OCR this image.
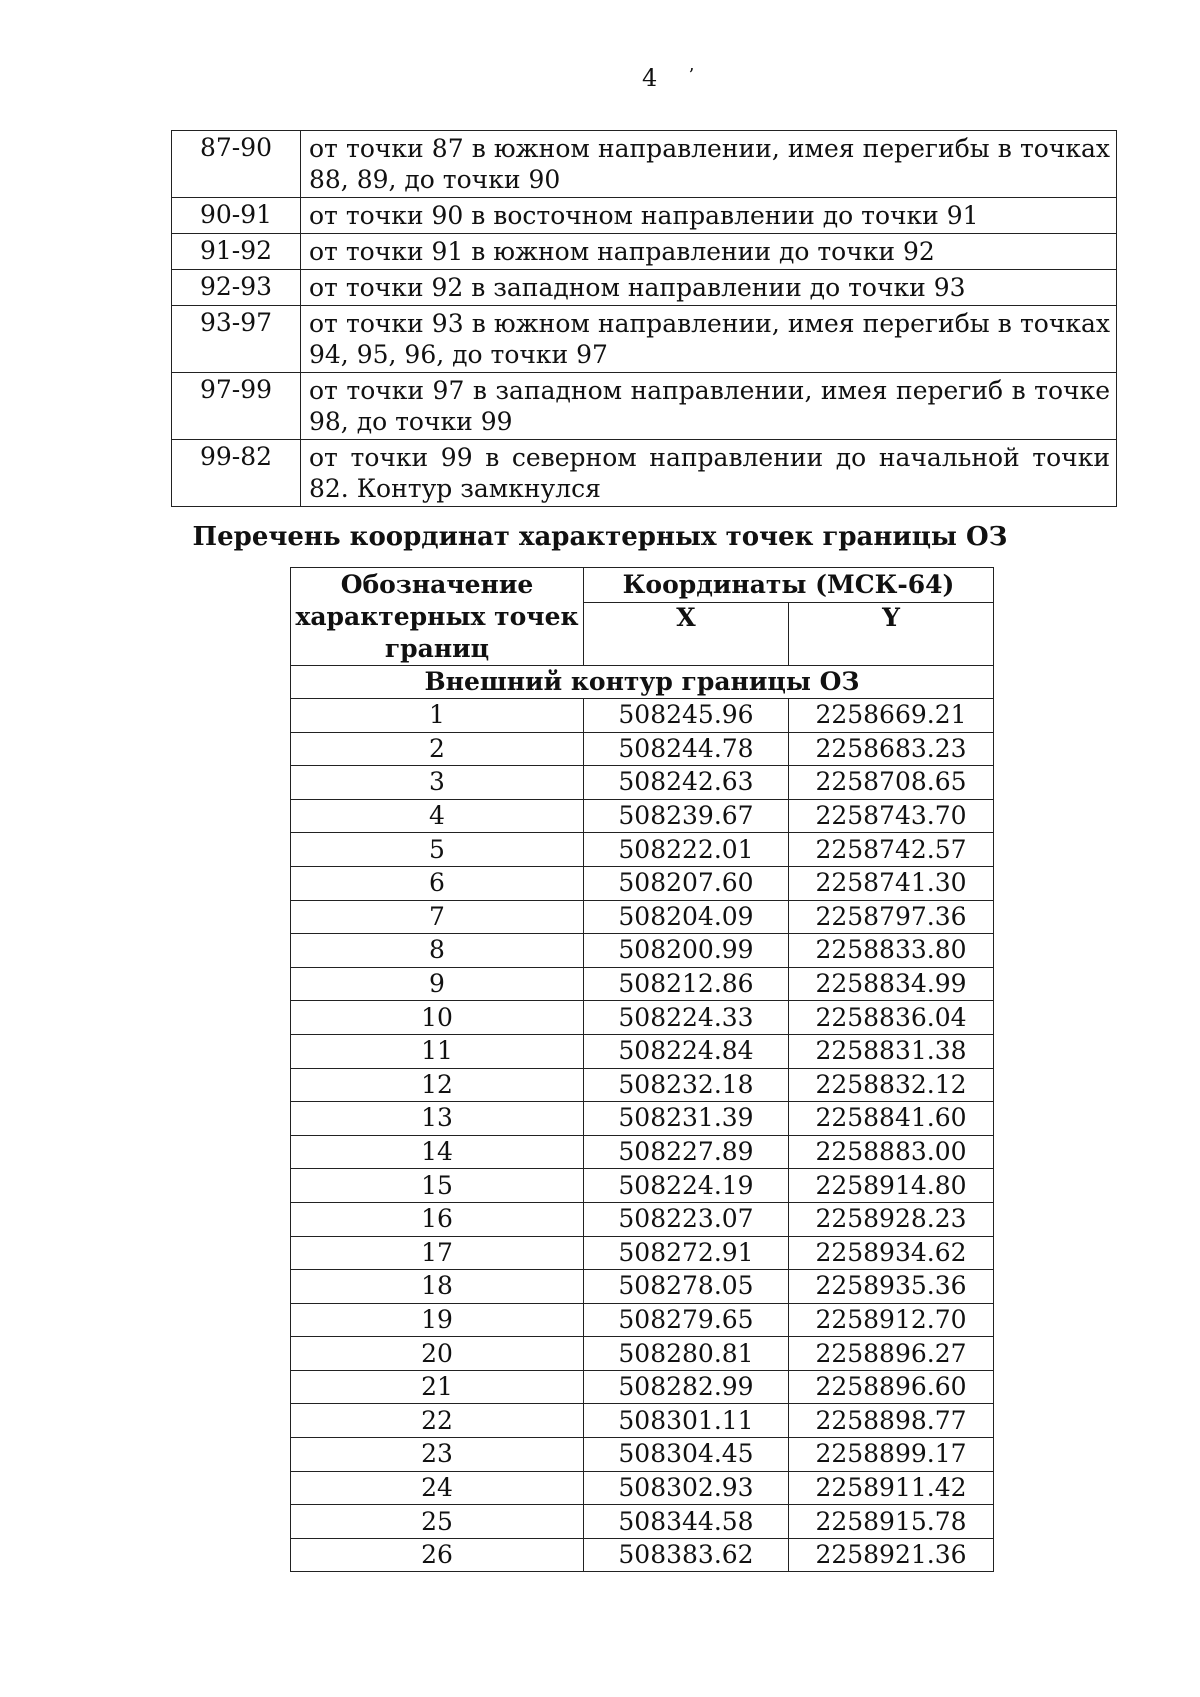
4 ʼ
87-90	от точки 87 в южном направлении, имея перегибы в точках 88, 89, до точки 90
90-91	от точки 90 в восточном направлении до точки 91
91-92	от точки 91 в южном направлении до точки 92
92-93	от точки 92 в западном направлении до точки 93
93-97	от точки 93 в южном направлении, имея перегибы в точках 94, 95, 96, до точки 97
97-99	от точки 97 в западном направлении, имея перегиб в точке 98, до точки 99
99-82	от точки 99 в северном направлении до начальной точки 82. Контур замкнулся
Перечень координат характерных точек границы ОЗ
Обозначение характерных точек границ	Координаты (МСК-64)	
	X	Y
Внешний контур границы ОЗ		
1	508245.96	2258669.21
2	508244.78	2258683.23
3	508242.63	2258708.65
4	508239.67	2258743.70
5	508222.01	2258742.57
6	508207.60	2258741.30
7	508204.09	2258797.36
8	508200.99	2258833.80
9	508212.86	2258834.99
10	508224.33	2258836.04
11	508224.84	2258831.38
12	508232.18	2258832.12
13	508231.39	2258841.60
14	508227.89	2258883.00
15	508224.19	2258914.80
16	508223.07	2258928.23
17	508272.91	2258934.62
18	508278.05	2258935.36
19	508279.65	2258912.70
20	508280.81	2258896.27
21	508282.99	2258896.60
22	508301.11	2258898.77
23	508304.45	2258899.17
24	508302.93	2258911.42
25	508344.58	2258915.78
26	508383.62	2258921.36
